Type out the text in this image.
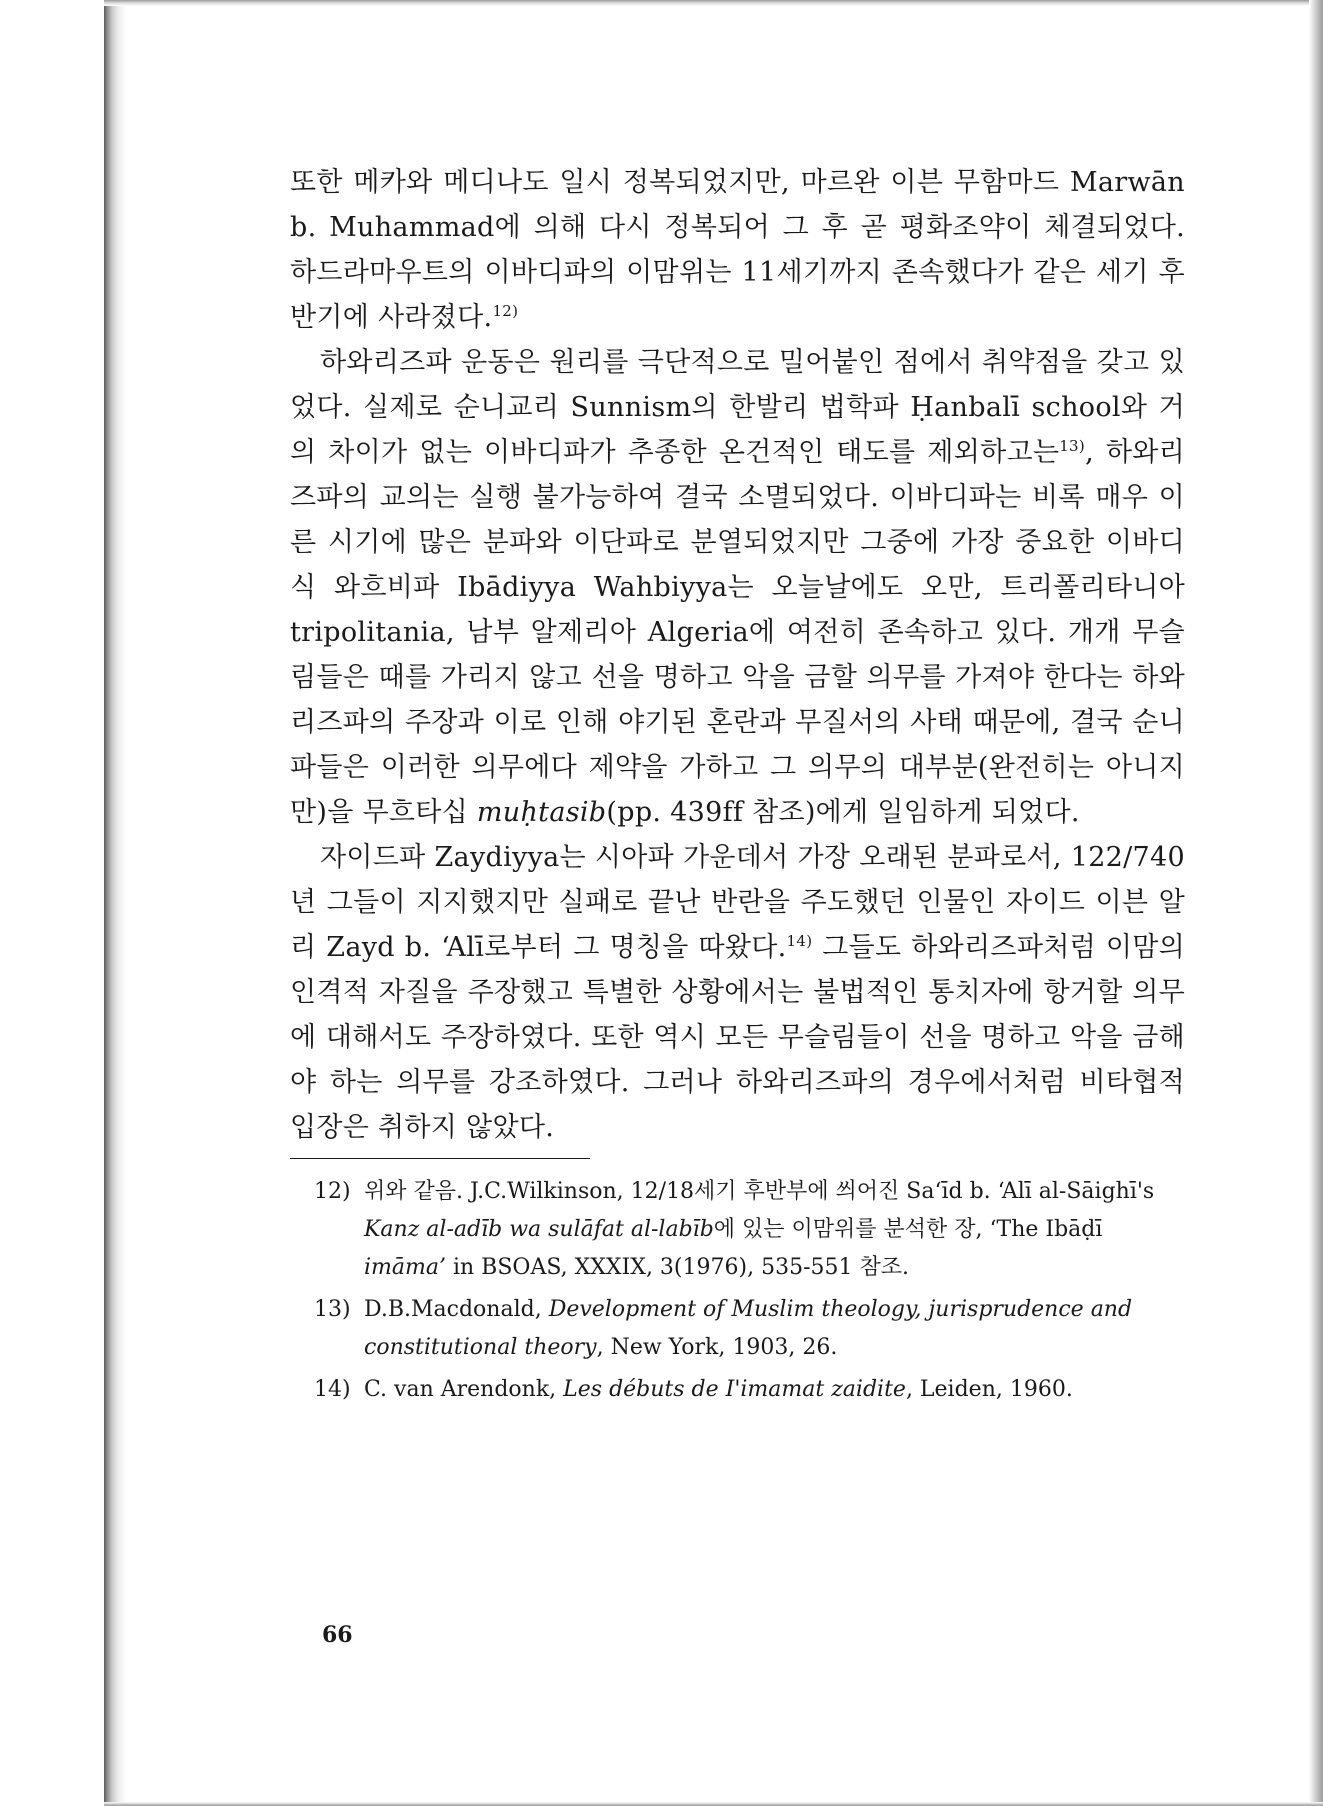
또한 메카와 메디나도 일시 정복되었지만, 마르완 이븐 무함마드 Marwān b. Muhammad에 의해 다시 정복되어 그 후 곧 평화조약이 체결되었다. 하드라마우트의 이바디파의 이맘위는 11세기까지 존속했다가 같은 세기 후반기에 사라졌다.$^{12)}$

하와리즈파 운동은 원리를 극단적으로 밀어붙인 점에서 취약점을 갖고 있었다. 실제로 순니교리 Sunnism의 한발리 법학파 Ḥanbalī school와 거의 차이가 없는 이바디파가 추종한 온건적인 태도를 제외하고는$^{13)}$, 하와리즈파의 교의는 실행 불가능하여 결국 소멸되었다. 이바디파는 비록 매우 이른 시기에 많은 분파와 이단파로 분열되었지만 그중에 가장 중요한 이바디식 와흐비파 Ibādiyya Wahbiyya는 오늘날에도 오만, 트리폴리타니아 tripolitania, 남부 알제리아 Algeria에 여전히 존속하고 있다. 개개 무슬림들은 때를 가리지 않고 선을 명하고 악을 금할 의무를 가져야 한다는 하와리즈파의 주장과 이로 인해 야기된 혼란과 무질서의 사태 때문에, 결국 순니파들은 이러한 의무에다 제약을 가하고 그 의무의 대부분(완전히는 아니지만)을 무흐타십 muḥtasib(pp. 439ff 참조)에게 일임하게 되었다.

자이드파 Zaydiyya는 시아파 가운데서 가장 오래된 분파로서, 122/740년 그들이 지지했지만 실패로 끝난 반란을 주도했던 인물인 자이드 이븐 알리 Zayd b. ‘Alī로부터 그 명칭을 따왔다.$^{14)}$ 그들도 하와리즈파처럼 이맘의 인격적 자질을 주장했고 특별한 상황에서는 불법적인 통치자에 항거할 의무에 대해서도 주장하였다. 또한 역시 모든 무슬림들이 선을 명하고 악을 금해야 하는 의무를 강조하였다. 그러나 하와리즈파의 경우에서처럼 비타협적 입장은 취하지 않았다.

12) 위와 같음. J.C.Wilkinson, 12/18세기 후반부에 씌어진 Sa‘īd b. ‘Alī al-Sāighī's Kanz al-adīb wa sulāfat al-labīb에 있는 이맘위를 분석한 장, ‘The Ibāḍī imāma’ in BSOAS, XXXIX, 3(1976), 535-551 참조.
13) D.B.Macdonald, Development of Muslim theology, jurisprudence and constitutional theory, New York, 1903, 26.
14) C. van Arendonk, Les débuts de I'imamat zaidite, Leiden, 1960.
66
